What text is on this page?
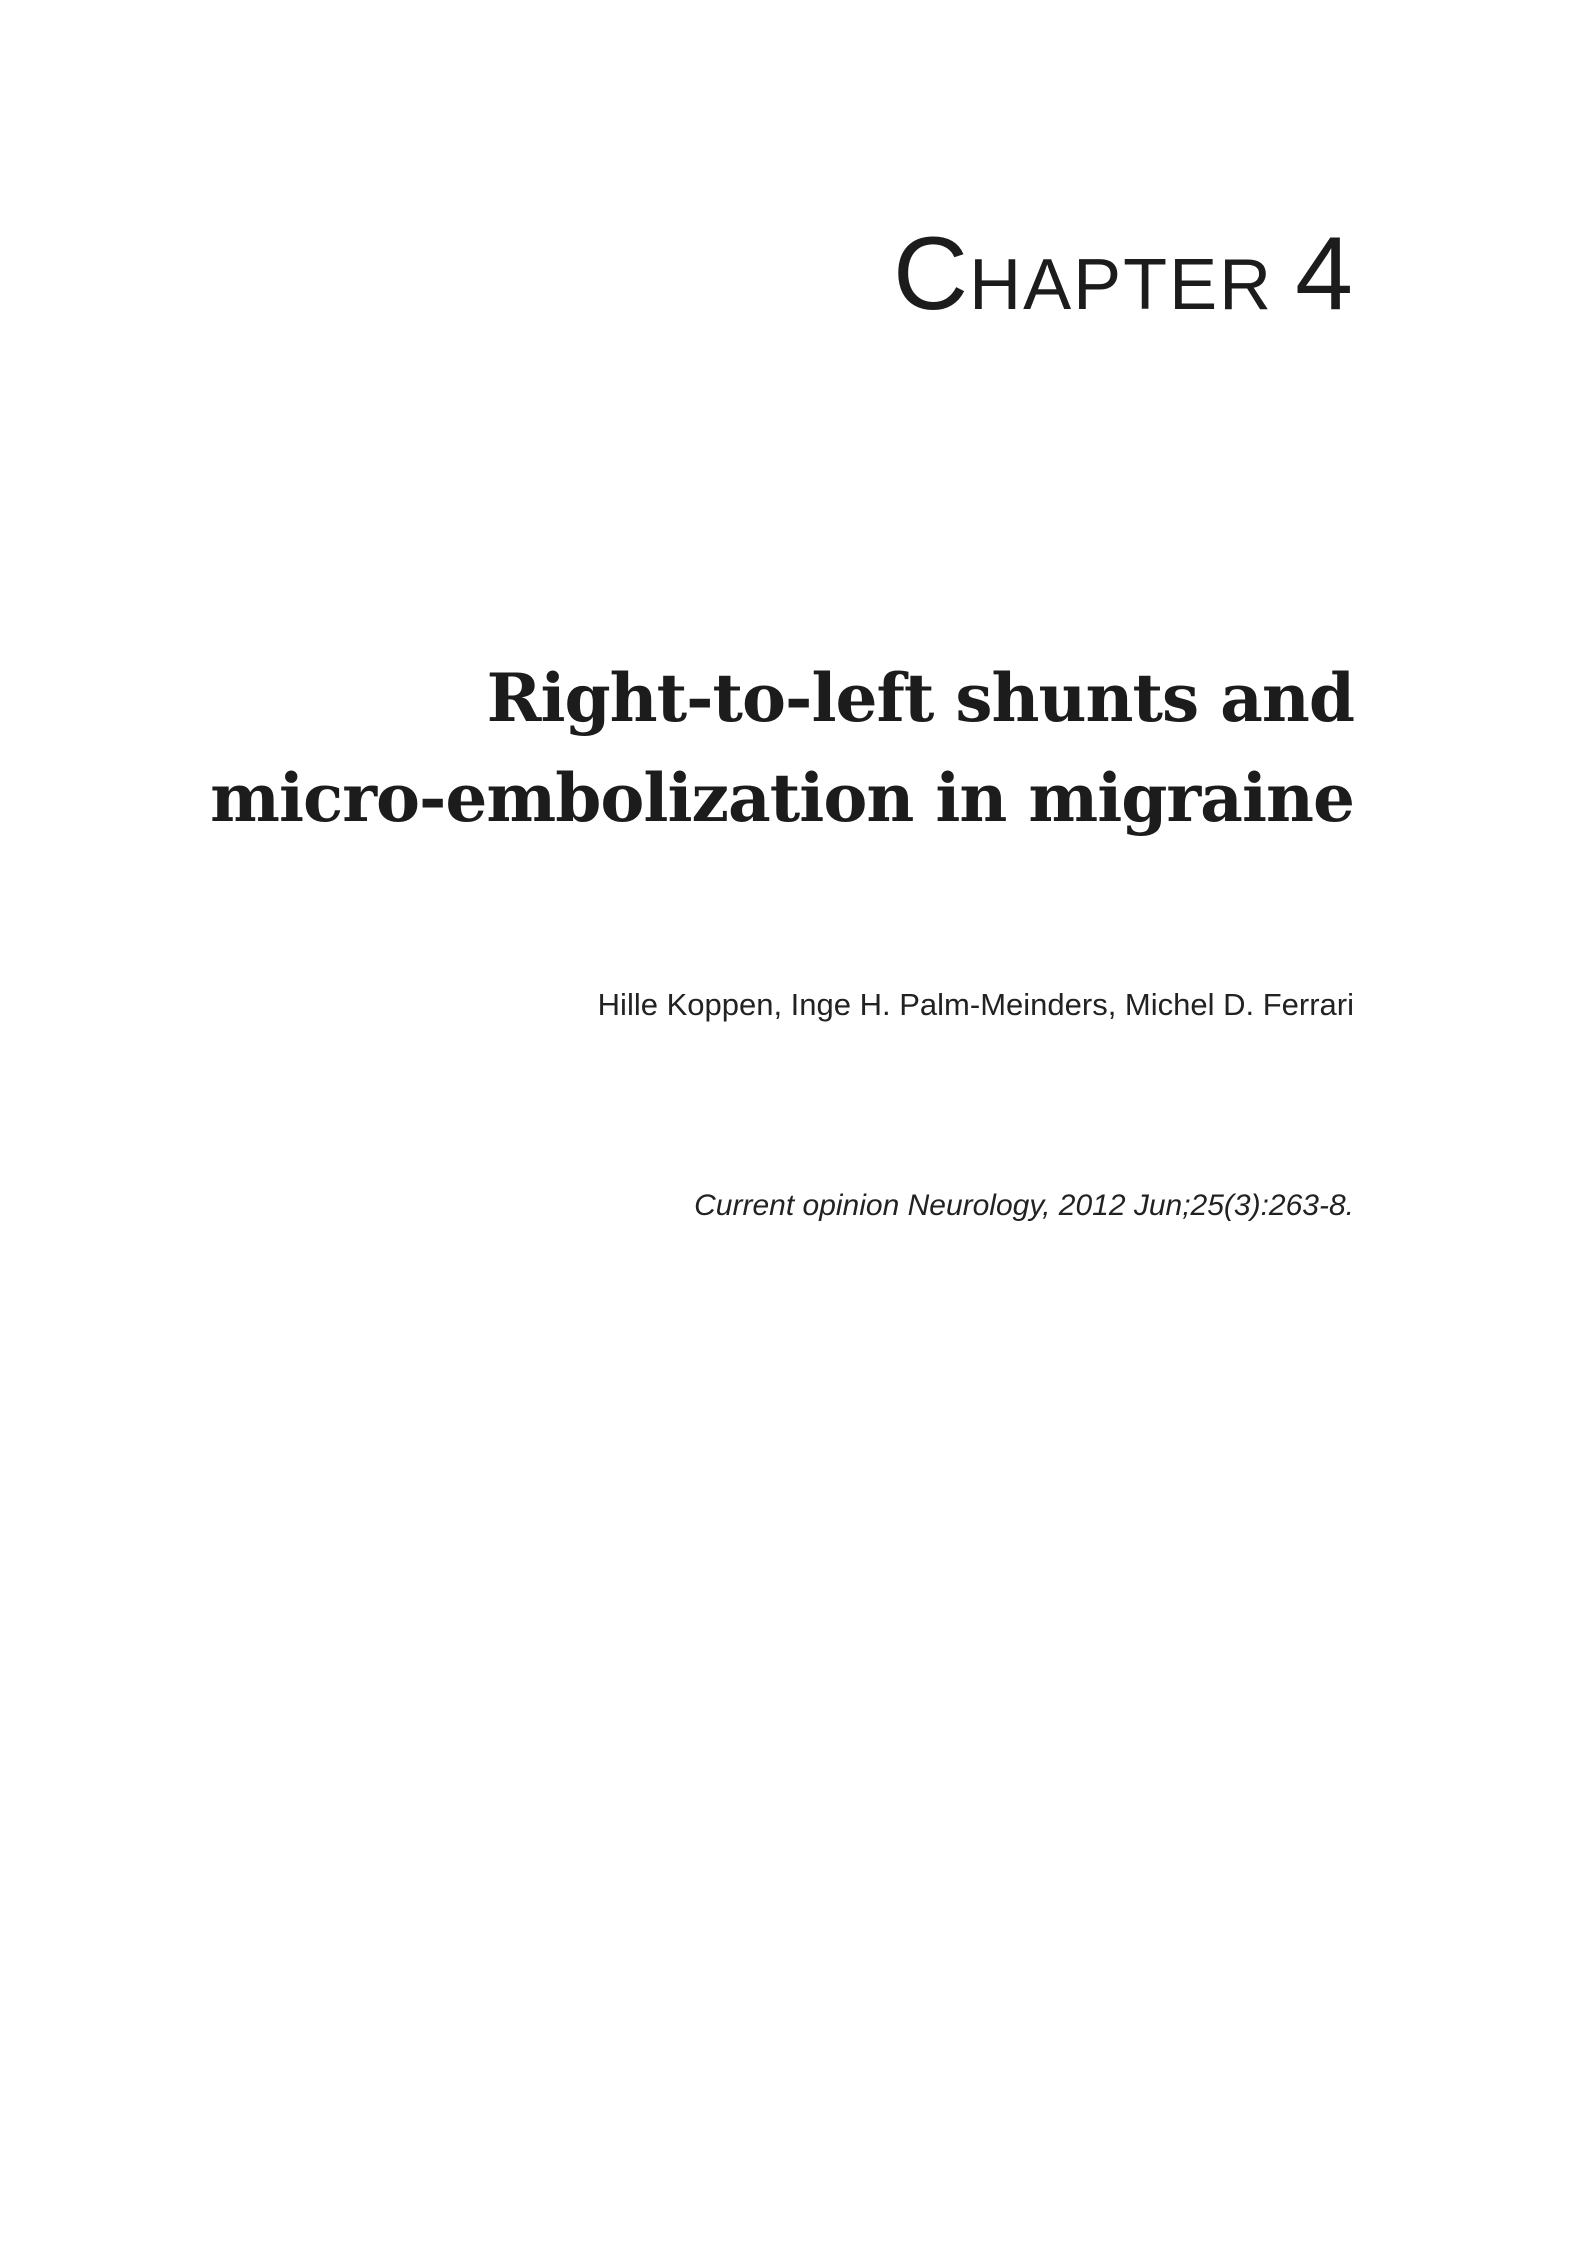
CHAPTER 4
Right-to-left shunts and
micro-embolization in migraine
Hille Koppen, Inge H. Palm-Meinders, Michel D. Ferrari
Current opinion Neurology, 2012 Jun;25(3):263-8.
